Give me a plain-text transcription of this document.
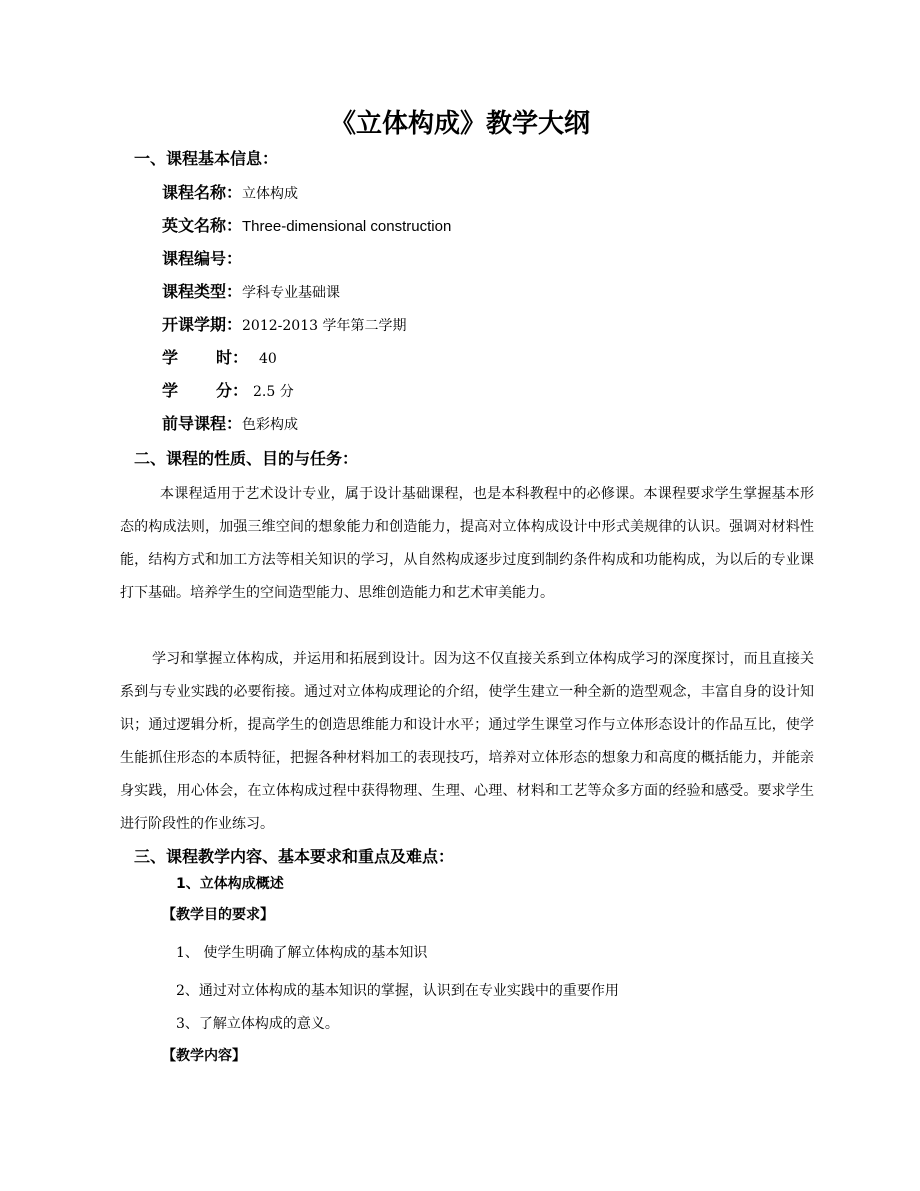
《立体构成》教学大纲
一、课程基本信息：
课程名称：立体构成
英文名称：Three-dimensional construction
课程编号：
课程类型：学科专业基础课
开课学期：2012-2013 学年第二学期
学 时： 40
学 分： 2.5 分
前导课程：色彩构成
二、课程的性质、目的与任务：
本课程适用于艺术设计专业，属于设计基础课程，也是本科教程中的必修课。本课程要求学生掌握基本形态的构成法则，加强三维空间的想象能力和创造能力，提高对立体构成设计中形式美规律的认识。强调对材料性能，结构方式和加工方法等相关知识的学习，从自然构成逐步过度到制约条件构成和功能构成，为以后的专业课打下基础。培养学生的空间造型能力、思维创造能力和艺术审美能力。
学习和掌握立体构成，并运用和拓展到设计。因为这不仅直接关系到立体构成学习的深度探讨，而且直接关系到与专业实践的必要衔接。通过对立体构成理论的介绍，使学生建立一种全新的造型观念，丰富自身的设计知识；通过逻辑分析，提高学生的创造思维能力和设计水平；通过学生课堂习作与立体形态设计的作品互比，使学生能抓住形态的本质特征，把握各种材料加工的表现技巧，培养对立体形态的想象力和高度的概括能力，并能亲身实践，用心体会，在立体构成过程中获得物理、生理、心理、材料和工艺等众多方面的经验和感受。要求学生进行阶段性的作业练习。
三、课程教学内容、基本要求和重点及难点：
1、立体构成概述
【教学目的要求】
1、 使学生明确了解立体构成的基本知识
2、通过对立体构成的基本知识的掌握，认识到在专业实践中的重要作用
3、了解立体构成的意义。
【教学内容】
